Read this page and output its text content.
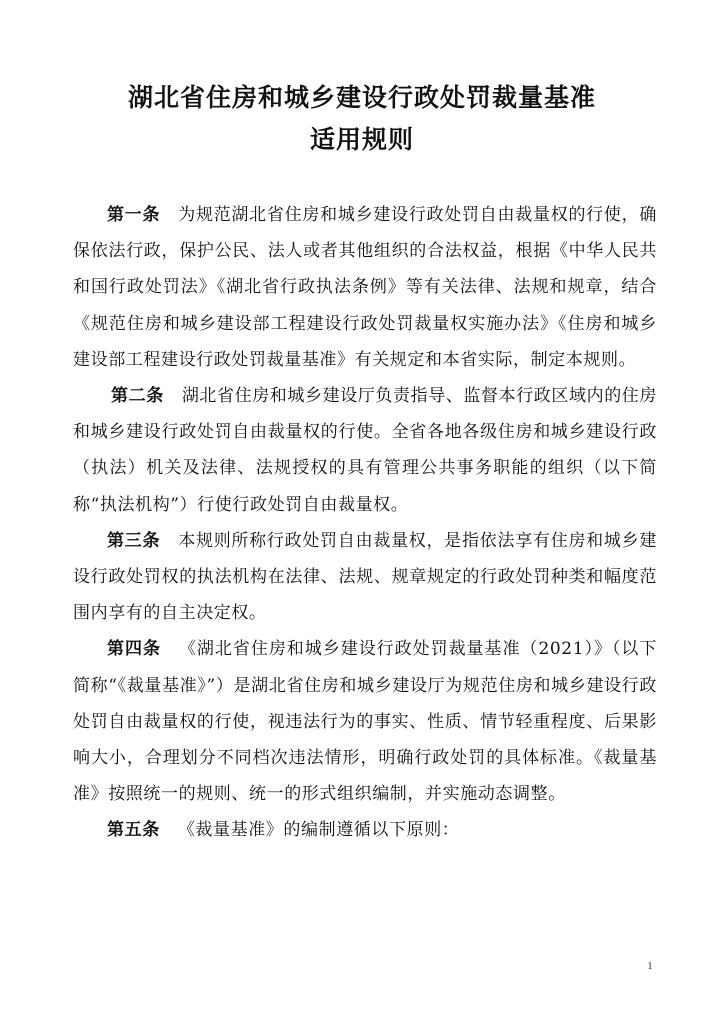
湖北省住房和城乡建设行政处罚裁量基准
适用规则

第一条 为规范湖北省住房和城乡建设行政处罚自由裁量权的行使，确保依法行政，保护公民、法人或者其他组织的合法权益，根据《中华人民共和国行政处罚法》《湖北省行政执法条例》等有关法律、法规和规章，结合《规范住房和城乡建设部工程建设行政处罚裁量权实施办法》《住房和城乡建设部工程建设行政处罚裁量基准》有关规定和本省实际，制定本规则。

第二条 湖北省住房和城乡建设厅负责指导、监督本行政区域内的住房和城乡建设行政处罚自由裁量权的行使。全省各地各级住房和城乡建设行政（执法）机关及法律、法规授权的具有管理公共事务职能的组织（以下简称“执法机构”）行使行政处罚自由裁量权。

第三条 本规则所称行政处罚自由裁量权，是指依法享有住房和城乡建设行政处罚权的执法机构在法律、法规、规章规定的行政处罚种类和幅度范围内享有的自主决定权。

第四条 《湖北省住房和城乡建设行政处罚裁量基准（2021）》（以下简称“《裁量基准》”）是湖北省住房和城乡建设厅为规范住房和城乡建设行政处罚自由裁量权的行使，视违法行为的事实、性质、情节轻重程度、后果影响大小，合理划分不同档次违法情形，明确行政处罚的具体标准。《裁量基准》按照统一的规则、统一的形式组织编制，并实施动态调整。

第五条 《裁量基准》的编制遵循以下原则：

1
